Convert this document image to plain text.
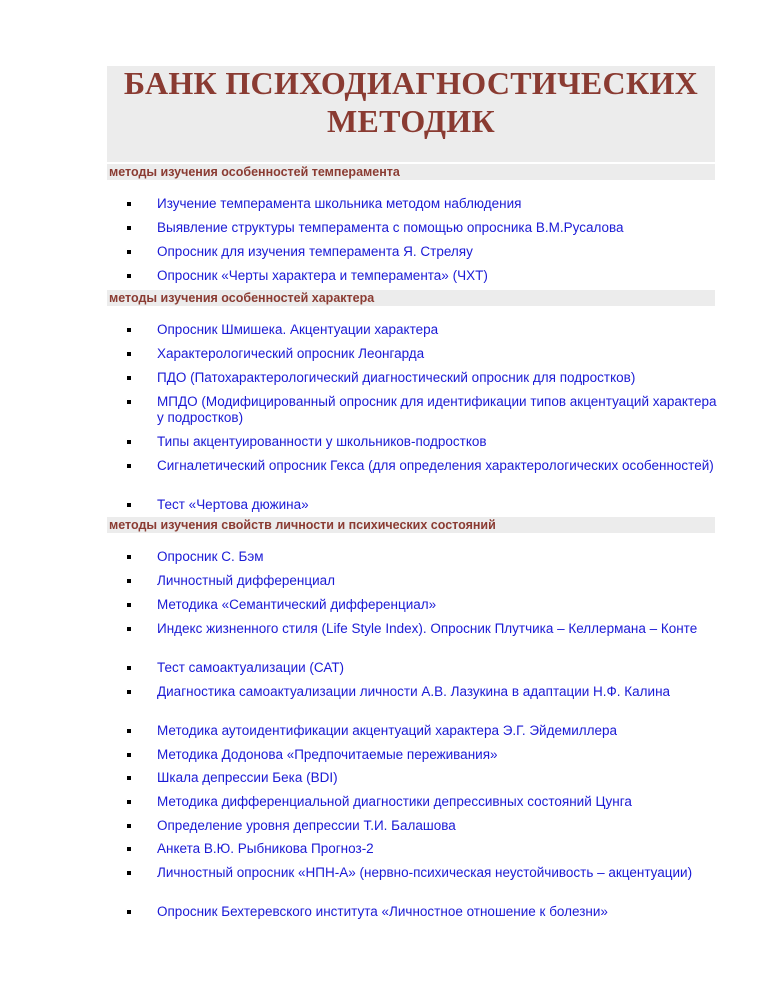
БАНК ПСИХОДИАГНОСТИЧЕСКИХ МЕТОДИК
методы изучения особенностей темперамента
Изучение темперамента школьника методом наблюдения
Выявление структуры темперамента с помощью опросника В.М.Русалова
Опросник для изучения темперамента Я. Стреляу
Опросник «Черты характера и темперамента» (ЧХТ)
методы изучения особенностей характера
Опросник Шмишека. Акцентуации характера
Характерологический опросник Леонгарда
ПДО (Патохарактерологический диагностический опросник для подростков)
МПДО (Модифицированный опросник для идентификации типов акцентуаций характера у подростков)
Типы акцентуированности у школьников-подростков
Сигналетический опросник Гекса (для определения характерологических особенностей)
Тест «Чертова дюжина»
методы изучения свойств личности и психических состояний
Опросник С. Бэм
Личностный дифференциал
Методика «Семантический дифференциал»
Индекс жизненного стиля (Life Style Index). Опросник Плутчика – Келлермана – Конте
Тест самоактуализации (САТ)
Диагностика самоактуализации личности А.В. Лазукина в адаптации Н.Ф. Калина
Методика аутоидентификации акцентуаций характера Э.Г. Эйдемиллера
Методика Додонова «Предпочитаемые переживания»
Шкала депрессии Бека (BDI)
Методика дифференциальной диагностики депрессивных состояний Цунга
Определение уровня депрессии Т.И. Балашова
Анкета В.Ю. Рыбникова Прогноз-2
Личностный опросник «НПН-А» (нервно-психическая неустойчивость – акцентуации)
Опросник Бехтеревского института «Личностное отношение к болезни»
